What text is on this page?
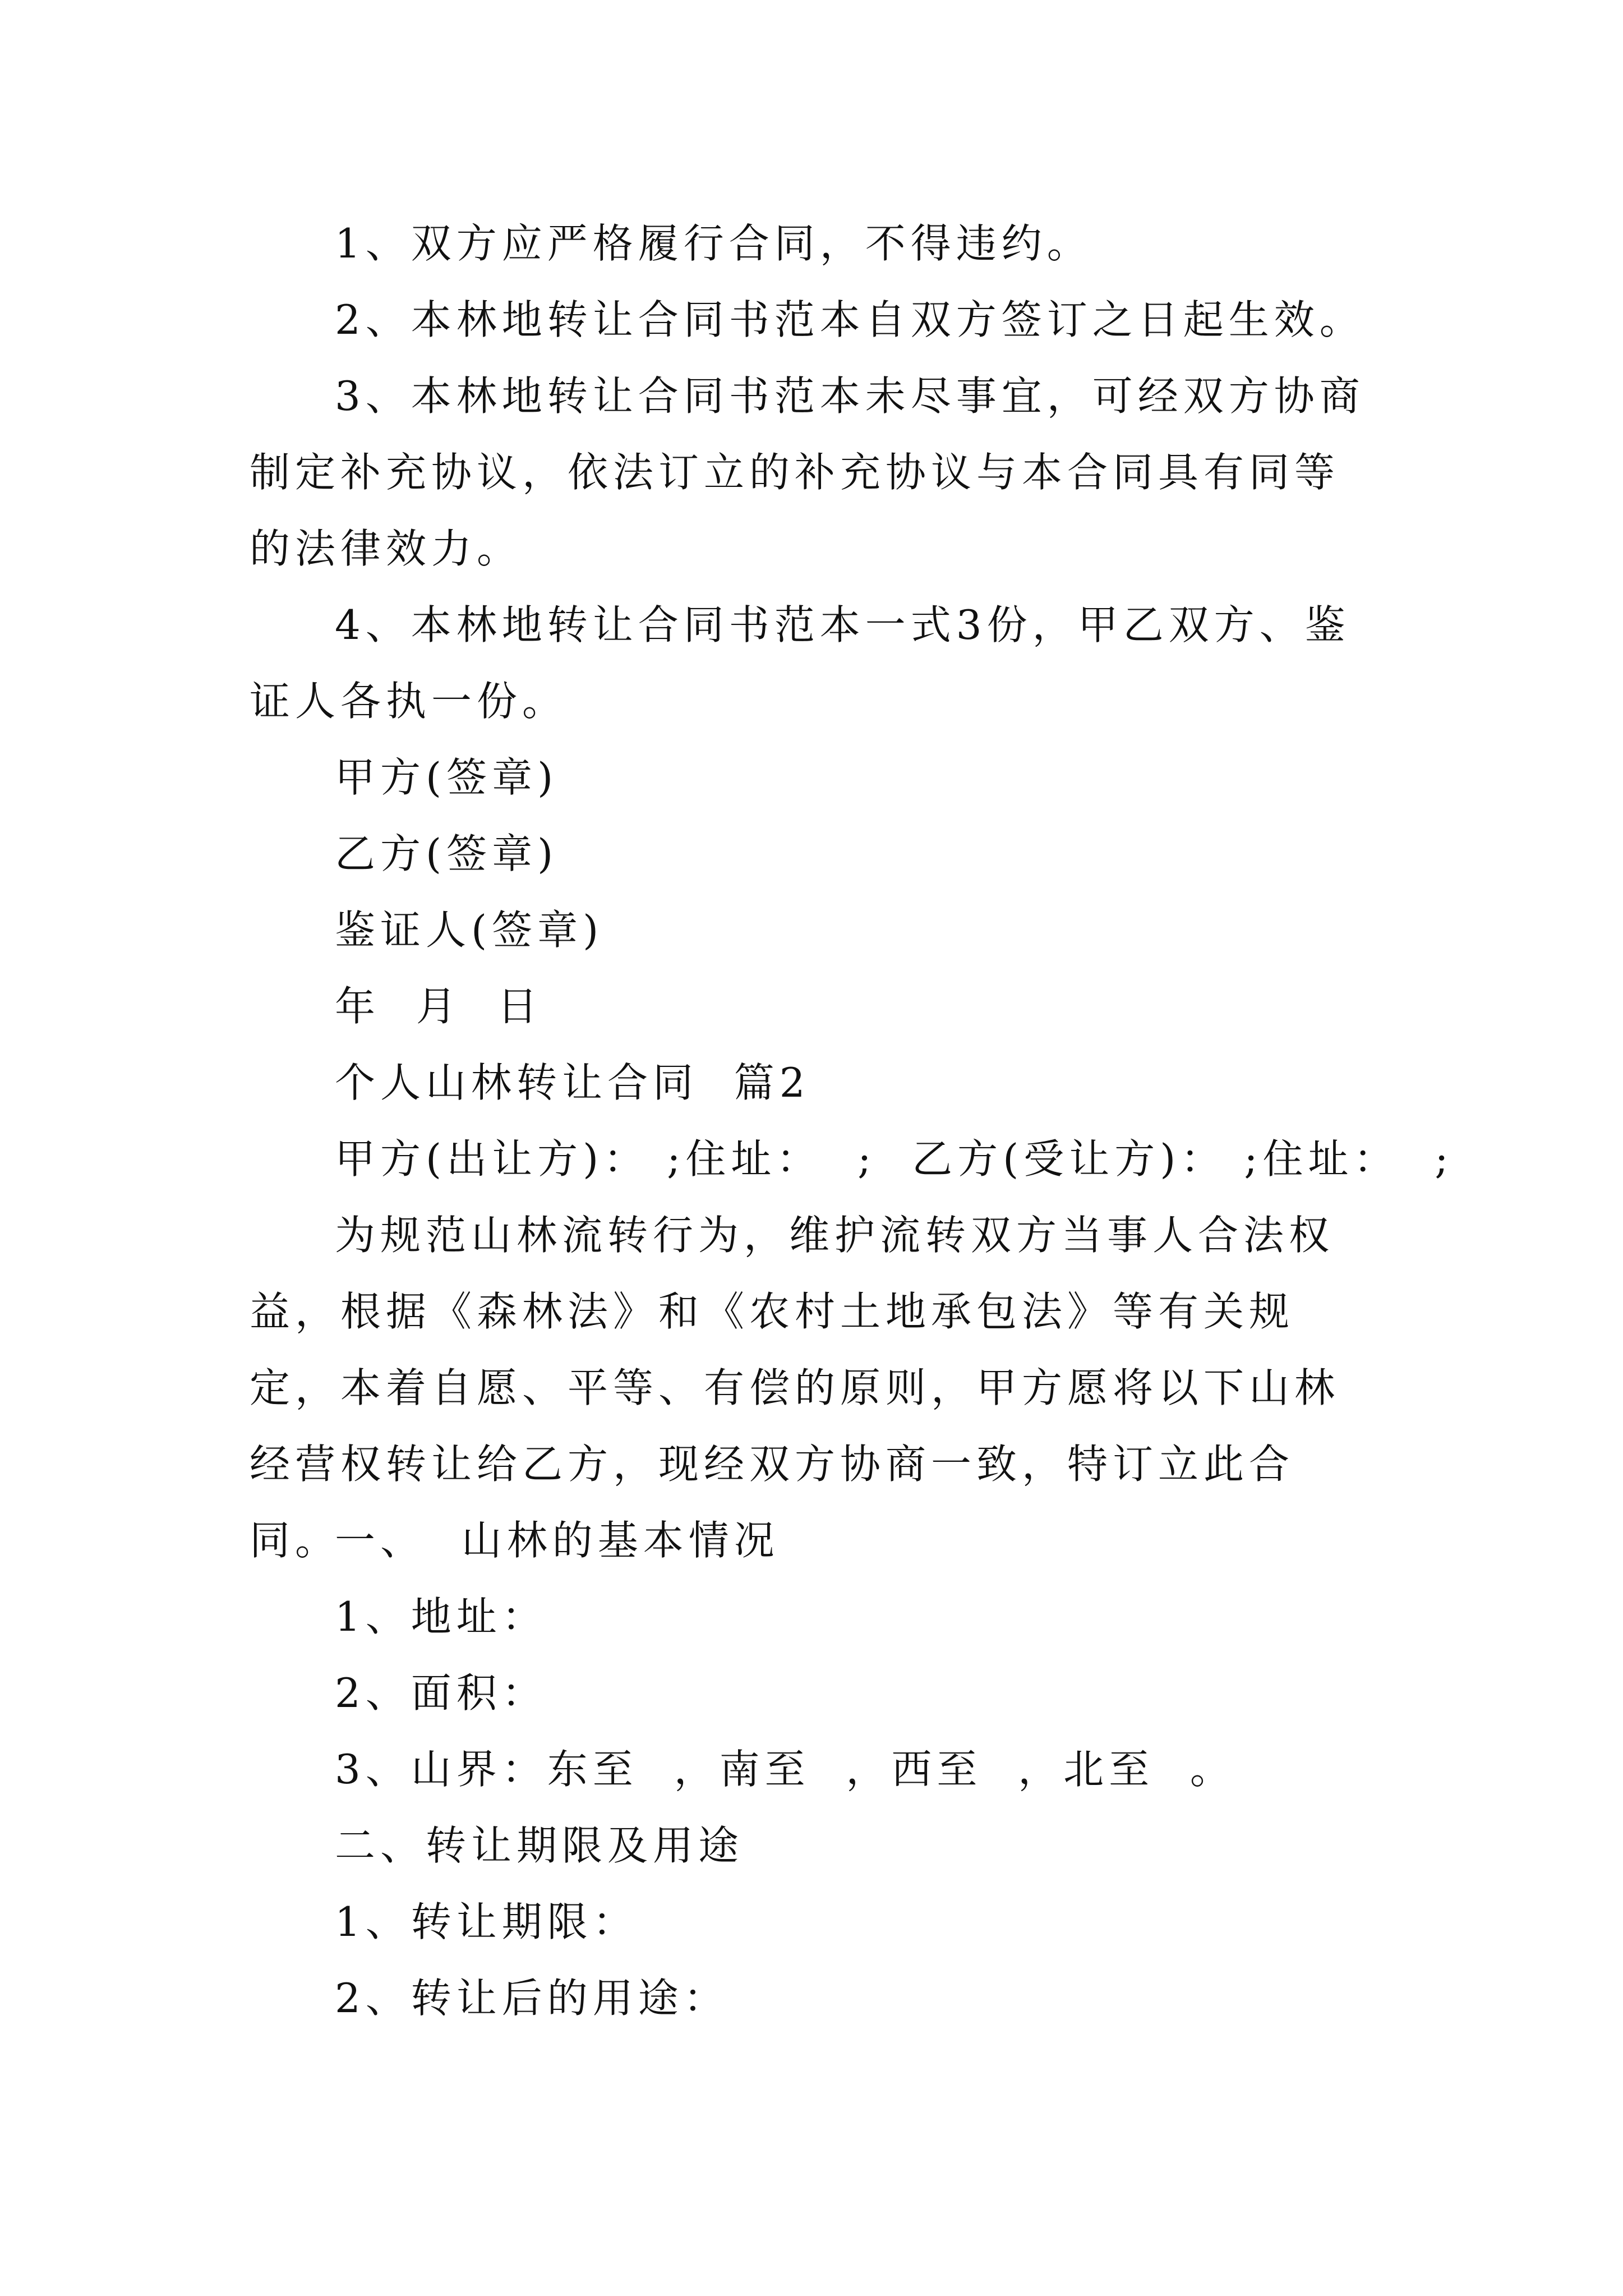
1、双方应严格履行合同，不得违约。

2、本林地转让合同书范本自双方签订之日起生效。

3、本林地转让合同书范本未尽事宜，可经双方协商制定补充协议，依法订立的补充协议与本合同具有同等的法律效力。

4、本林地转让合同书范本一式3份，甲乙双方、鉴证人各执一份。

甲方(签章)

乙方(签章)

鉴证人(签章)

年  月  日

个人山林转让合同  篇2

甲方(出让方)： ;住址：  ;  乙方(受让方)： ;住址：  ;

为规范山林流转行为，维护流转双方当事人合法权益，根据《森林法》和《农村土地承包法》等有关规定，本着自愿、平等、有偿的原则，甲方愿将以下山林经营权转让给乙方，现经双方协商一致，特订立此合同。

一、  山林的基本情况

1、地址：

2、面积：

3、山界：东至  ，南至  ，西至  ，北至  。

二、转让期限及用途

1、转让期限：

2、转让后的用途：
